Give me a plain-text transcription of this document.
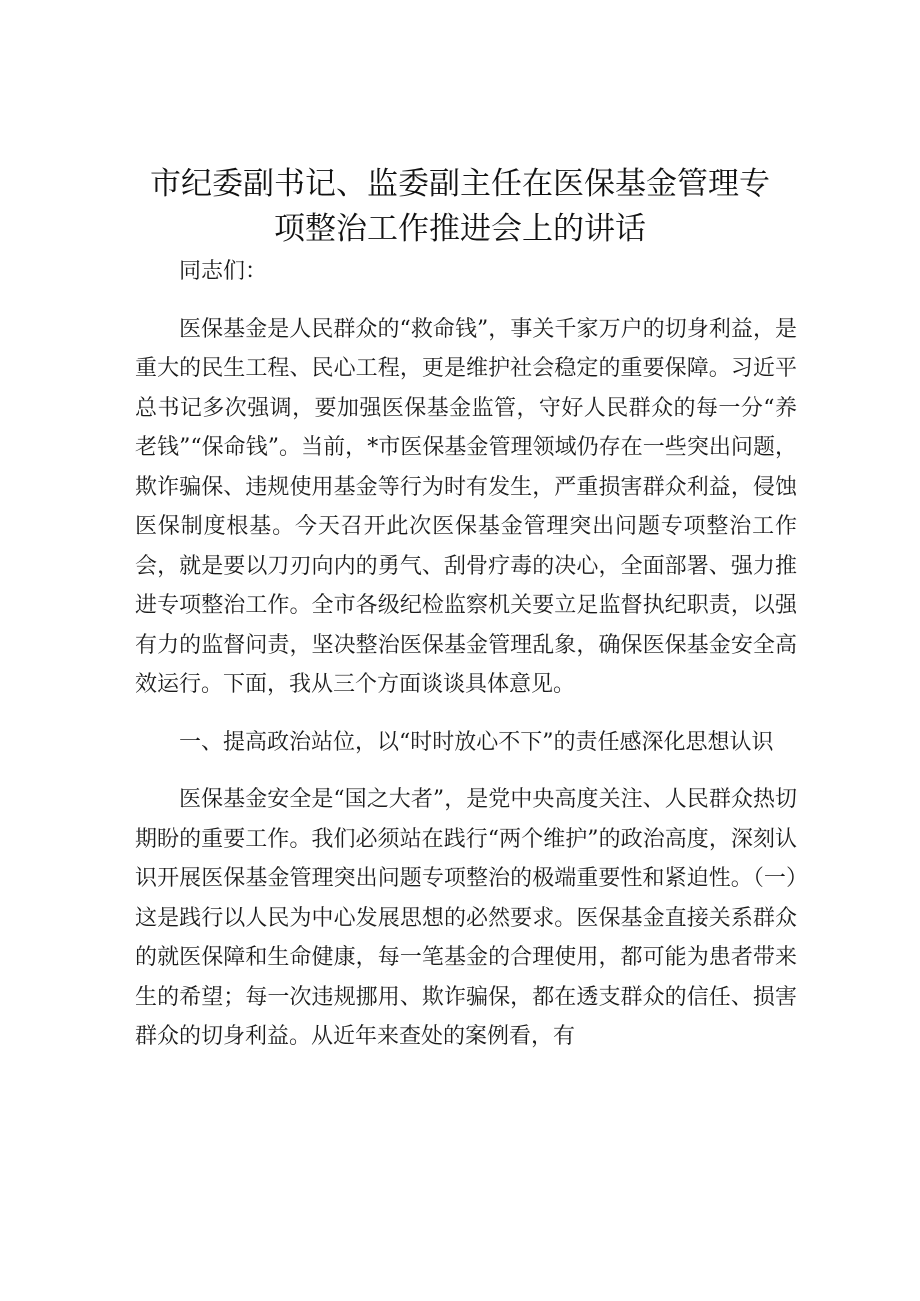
市纪委副书记、监委副主任在医保基金管理专
项整治工作推进会上的讲话

同志们：

医保基金是人民群众的“救命钱”，事关千家万户的切身利益，是重大的民生工程、民心工程，更是维护社会稳定的重要保障。习近平总书记多次强调，要加强医保基金监管，守好人民群众的每一分“养老钱”“保命钱”。当前，*市医保基金管理领域仍存在一些突出问题，欺诈骗保、违规使用基金等行为时有发生，严重损害群众利益，侵蚀医保制度根基。今天召开此次医保基金管理突出问题专项整治工作会，就是要以刀刃向内的勇气、刮骨疗毒的决心，全面部署、强力推进专项整治工作。全市各级纪检监察机关要立足监督执纪职责，以强有力的监督问责，坚决整治医保基金管理乱象，确保医保基金安全高效运行。下面，我从三个方面谈谈具体意见。

一、提高政治站位，以“时时放心不下”的责任感深化思想认识

医保基金安全是“国之大者”，是党中央高度关注、人民群众热切期盼的重要工作。我们必须站在践行“两个维护”的政治高度，深刻认识开展医保基金管理突出问题专项整治的极端重要性和紧迫性。（一）这是践行以人民为中心发展思想的必然要求。医保基金直接关系群众的就医保障和生命健康，每一笔基金的合理使用，都可能为患者带来生的希望；每一次违规挪用、欺诈骗保，都在透支群众的信任、损害群众的切身利益。从近年来查处的案例看，有
